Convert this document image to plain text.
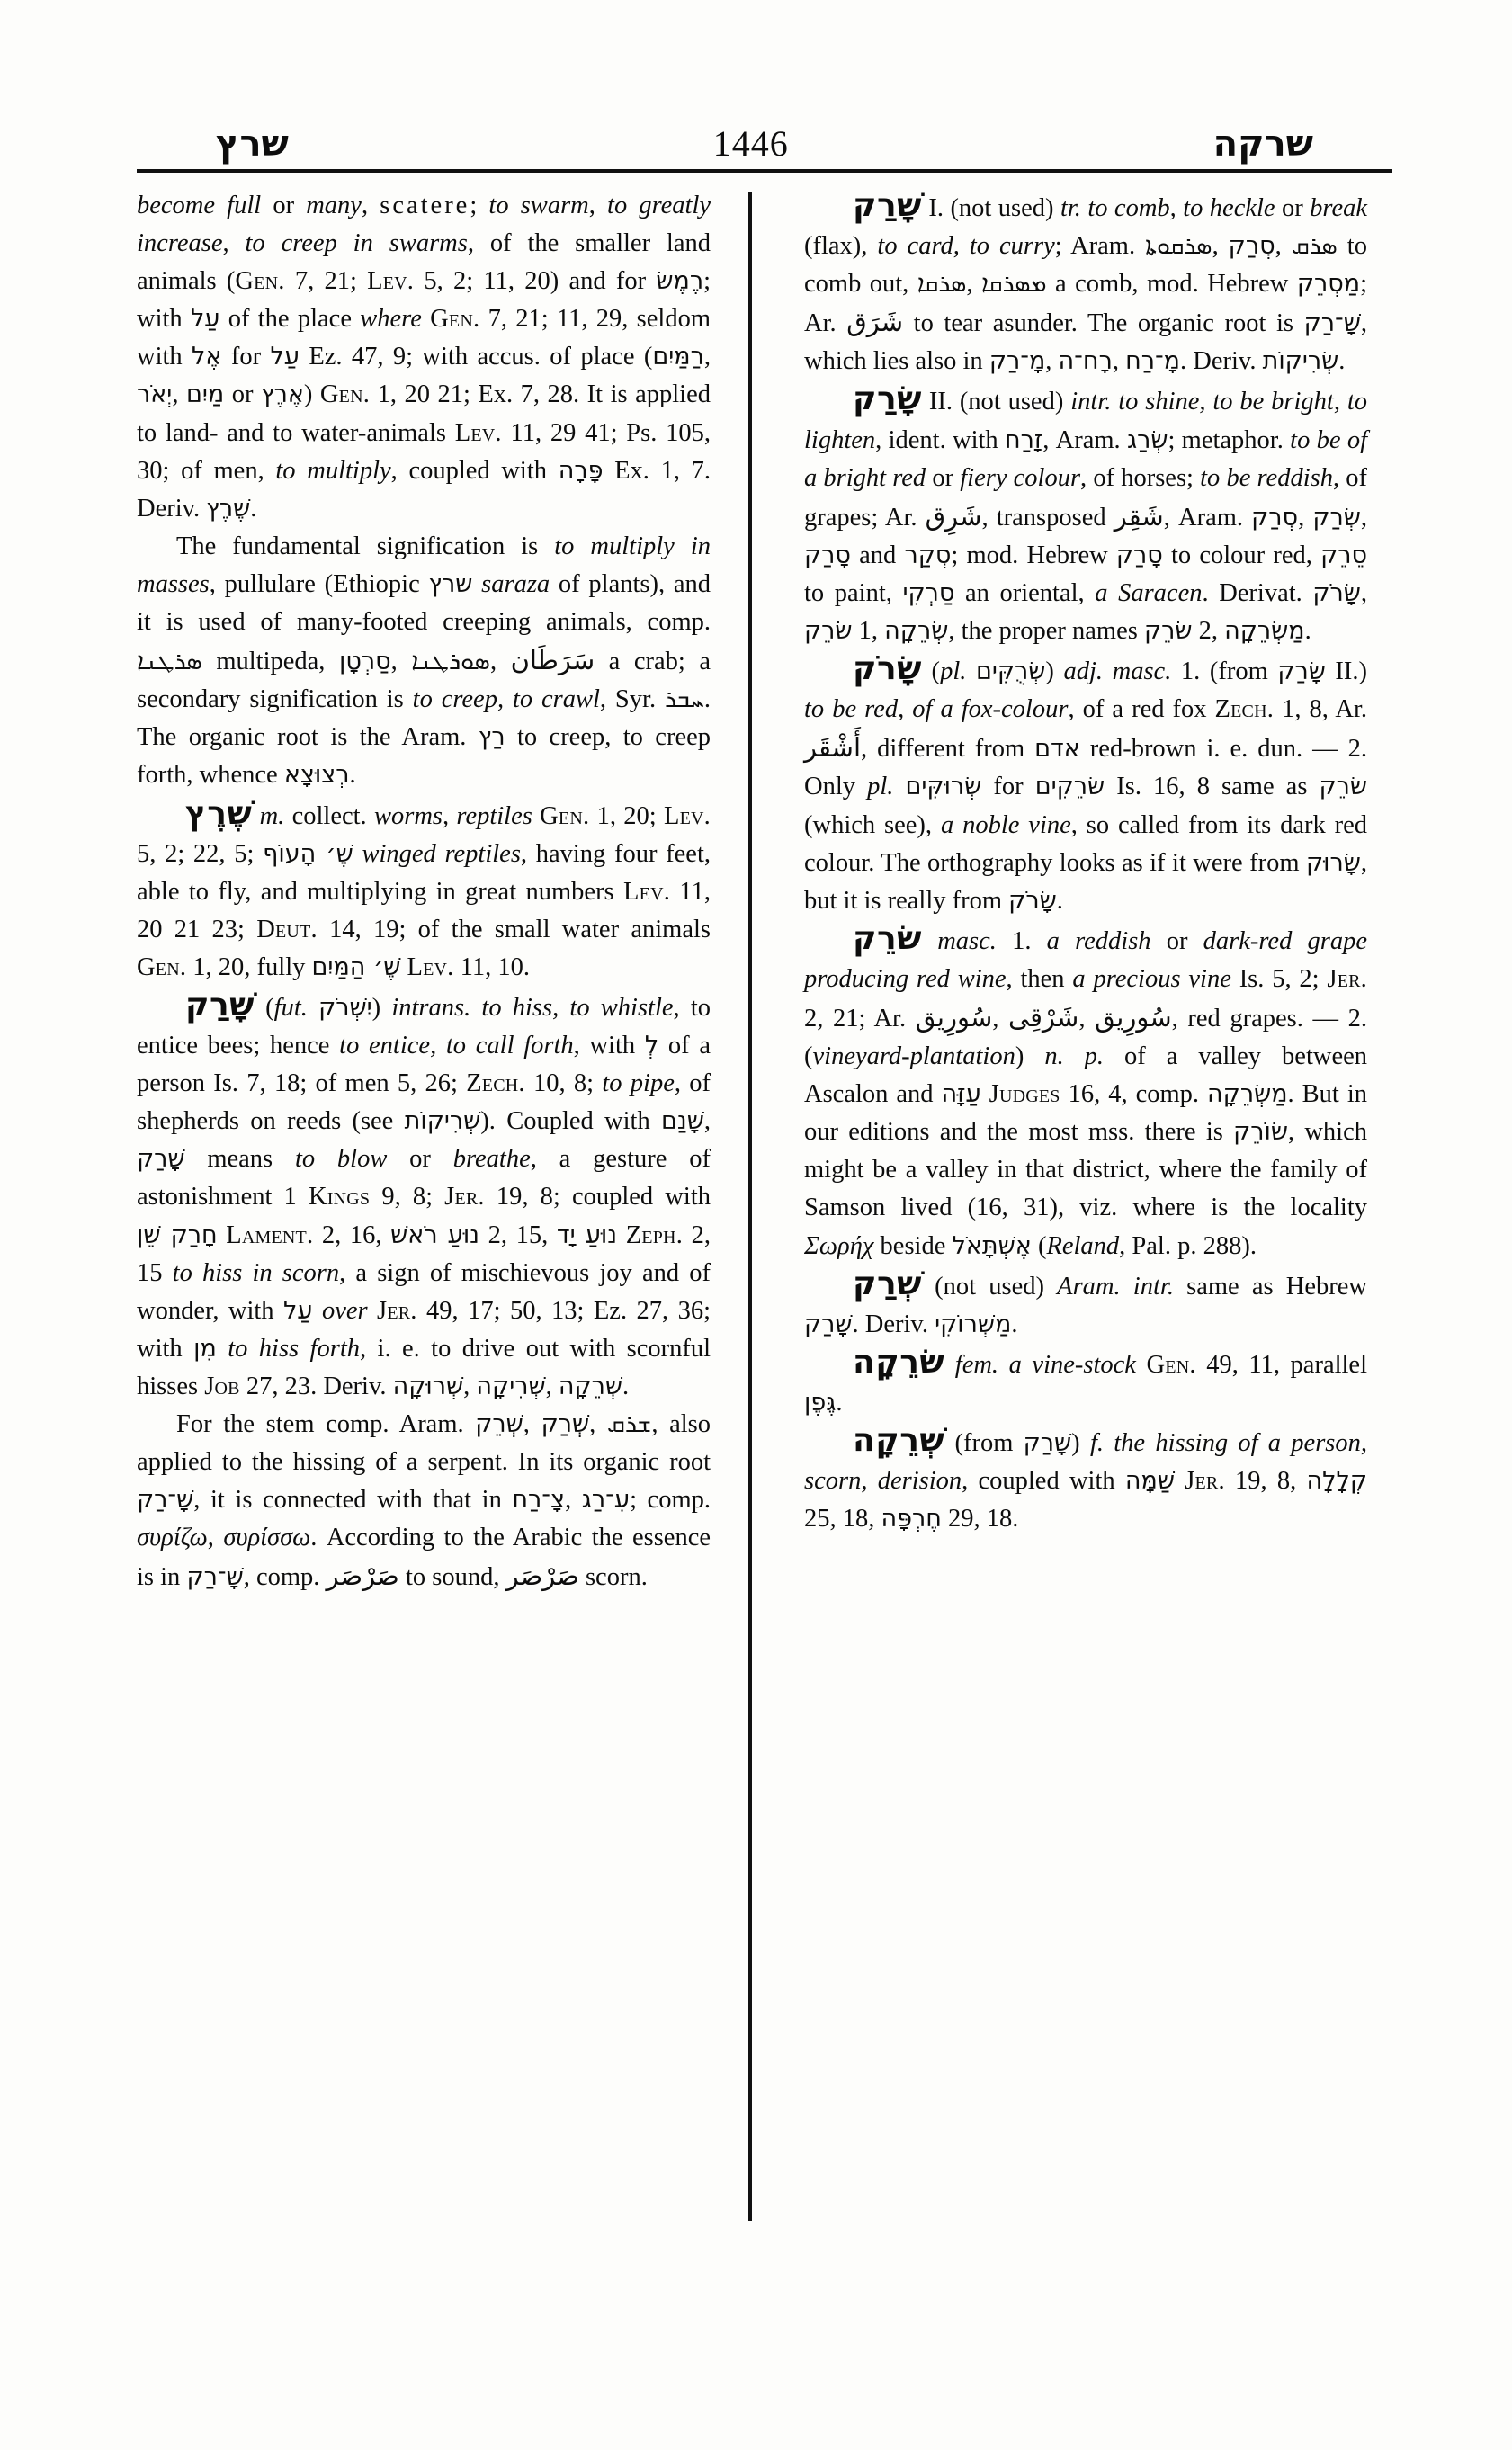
שרץ	1446	שרקה

become full or many, scatere; to swarm, to greatly increase, to creep in swarms, of the smaller land animals (Gen. 7, 21; Lev. 5, 2; 11, 20) and for רֶמֶשׂ; with עַל of the place where Gen. 7, 21; 11, 29, seldom with אֶל for עַל Ez. 47, 9; with accus. of place (רַמַּיִם, יְאֹר, מַיִם or אֶרֶץ) Gen. 1, 20 21; Ex. 7, 28. It is applied to land- and to water-animals Lev. 11, 29 41; Ps. 105, 30; of men, to multiply, coupled with פָּרָה Ex. 1, 7. Deriv. שֶׁרֶץ.

The fundamental signification is to multiply in masses, pullulare (Ethiopic שרץ saraza of plants), and it is used of many-footed creeping animals, comp. ܣܪܛܢܐ multipeda, סַרְטָן, ܣܘܪܛܢܐ, سَرَطَان a crab; a secondary signification is to creep, to crawl, Syr. ܚܒܪ. The organic root is the Aram. רַץ to creep, to creep forth, whence רְצוּצָא.

שֶׁרֶץ m. collect. worms, reptiles Gen. 1, 20; Lev. 5, 2; 22, 5; שֶׁ׳ הָעוֹף winged reptiles, having four feet, able to fly, and multiplying in great numbers Lev. 11, 20 21 23; Deut. 14, 19; of the small water animals Gen. 1, 20, fully שֶׁ׳ הַמַּיִם Lev. 11, 10.

שָׁרַק (fut. יִשְׁרֹק) intrans. to hiss, to whistle, to entice bees; hence to entice, to call forth, with לְ of a person Is. 7, 18; of men 5, 26; Zech. 10, 8; to pipe, of shepherds on reeds (see שְׁרִיקוֹת). Coupled with שָׁנַם, שָׁרַק means to blow or breathe, a gesture of astonishment 1 Kings 9, 8; Jer. 19, 8; coupled with חָרַק שֵׁן Lament. 2, 16, נוּעַ רֹאשׁ 2, 15, נוּעַ יָד Zeph. 2, 15 to hiss in scorn, a sign of mischievous joy and of wonder, with עַל over Jer. 49, 17; 50, 13; Ez. 27, 36; with מִן to hiss forth, i. e. to drive out with scornful hisses Job 27, 23. Deriv. שְׁרוּקָה, שְׁרִיקָה, שְׁרֵקָה.

For the stem comp. Aram. שְׁרֵק, שְׁרַק, ܫܪܩ, also applied to the hissing of a serpent. In its organic root שָׁ־רַק, it is connected with that in צָ־רַח, עִ־רַג; comp. συρίζω, συρίσσω. According to the Arabic the essence is in שָׁ־רַק, comp. صَرْصَر to sound, صَرْصَر scorn.

שָׁרַק I. (not used) tr. to comb, to heckle or break (flax), to card, to curry; Aram. ܣܪܩܘܬܐ, סְרַק, ܣܪܩ to comb out, ܣܪܩܐ, ܡܣܪܩܐ a comb, mod. Hebrew מַסְרֵק; Ar. شَرَق to tear asunder. The organic root is שָׁ־רַק, which lies also in מָ־רַק, רָח־ה, מָ־רַח. Deriv. שְׂרִיקוֹת.

שָׂרַק II. (not used) intr. to shine, to be bright, to lighten, ident. with זָרַח, Aram. שְׂרַג; metaphor. to be of a bright red or fiery colour, of horses; to be reddish, of grapes; Ar. شَرِق, transposed شَقِر, Aram. סְרַק, שְׂרַק, סָרַק and סְקַר; mod. Hebrew סָרַק to colour red, סֵרֵק to paint, סַרְקִי an oriental, a Saracen. Derivat. שָׂרֹק, שׂרֵק 1, שְׂרֵקָה, the proper names שׂרֵק 2, מַשְׂרֵקָה.

שָׂרֹק (pl. שְׂרֻקִּים) adj. masc. 1. (from שָׂרַק II.) to be red, of a fox-colour, of a red fox Zech. 1, 8, Ar. أَشْقَر, different from אדם red-brown i. e. dun. — 2. Only pl. שְׂרוּקִּים for שׂרֵקִים Is. 16, 8 same as שׂרֵק (which see), a noble vine, so called from its dark red colour. The orthography looks as if it were from שָׂרוּק, but it is really from שָׂרֹק.

שׂרֵק masc. 1. a reddish or dark-red grape producing red wine, then a precious vine Is. 5, 2; Jer. 2, 21; Ar. سُورِيق, شَرْقِى, سُورِيق, red grapes. — 2. (vineyard-plantation) n. p. of a valley between Ascalon and עַזָּה Judges 16, 4, comp. מַשְׂרֵקָה. But in our editions and the most mss. there is שׂוֹרֵק, which might be a valley in that district, where the family of Samson lived (16, 31), viz. where is the locality Σωρήχ beside אֶשְׁתָּאֹל (Reland, Pal. p. 288).

שְׁרַק (not used) Aram. intr. same as Hebrew שָׁרַק. Deriv. מַשְׁרוֹקִי.

שׂרֵקָה fem. a vine-stock Gen. 49, 11, parallel גֶּפֶן.

שְׁרֵקָה (from שָׁרַק) f. the hissing of a person, scorn, derision, coupled with שַׁמָּה Jer. 19, 8, קְלָלָה 25, 18, חֶרְפָּה 29, 18.
